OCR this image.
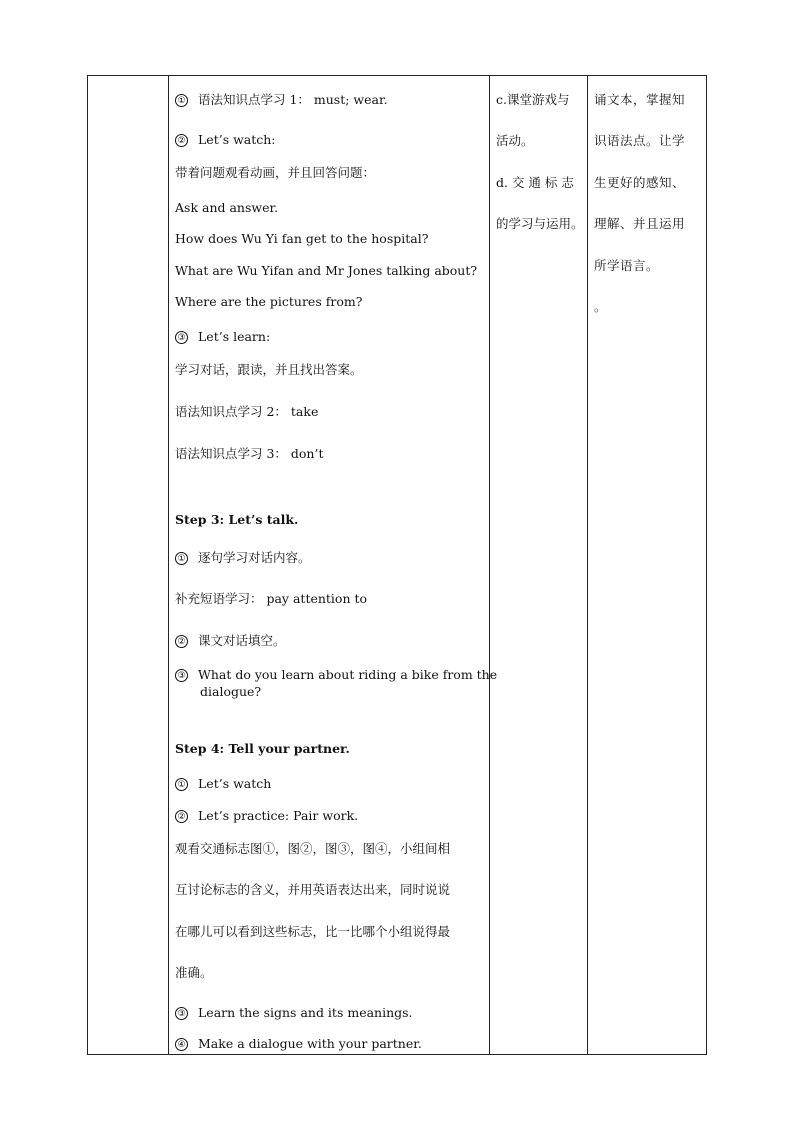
① 语法知识点学习 1： must; wear.
② Let’s watch:
带着问题观看动画，并且回答问题：
Ask and answer.
How does Wu Yi fan get to the hospital?
What are Wu Yifan and Mr Jones talking about?
Where are the pictures from?
③ Let’s learn:
学习对话，跟读，并且找出答案。
语法知识点学习 2： take
语法知识点学习 3： don’t
Step 3: Let’s talk.
① 逐句学习对话内容。
补充短语学习： pay attention to
② 课文对话填空。
③ What do you learn about riding a bike from the
dialogue?
Step 4: Tell your partner.
① Let’s watch
② Let’s practice: Pair work.
观看交通标志图①，图②，图③，图④，小组间相
互讨论标志的含义，并用英语表达出来，同时说说
在哪儿可以看到这些标志，比一比哪个小组说得最
准确。
③ Learn the signs and its meanings.
④ Make a dialogue with your partner.
c.课堂游戏与
活动。
d. 交 通 标 志
的学习与运用。
诵文本，掌握知
识语法点。让学
生更好的感知、
理解、并且运用
所学语言。
。
